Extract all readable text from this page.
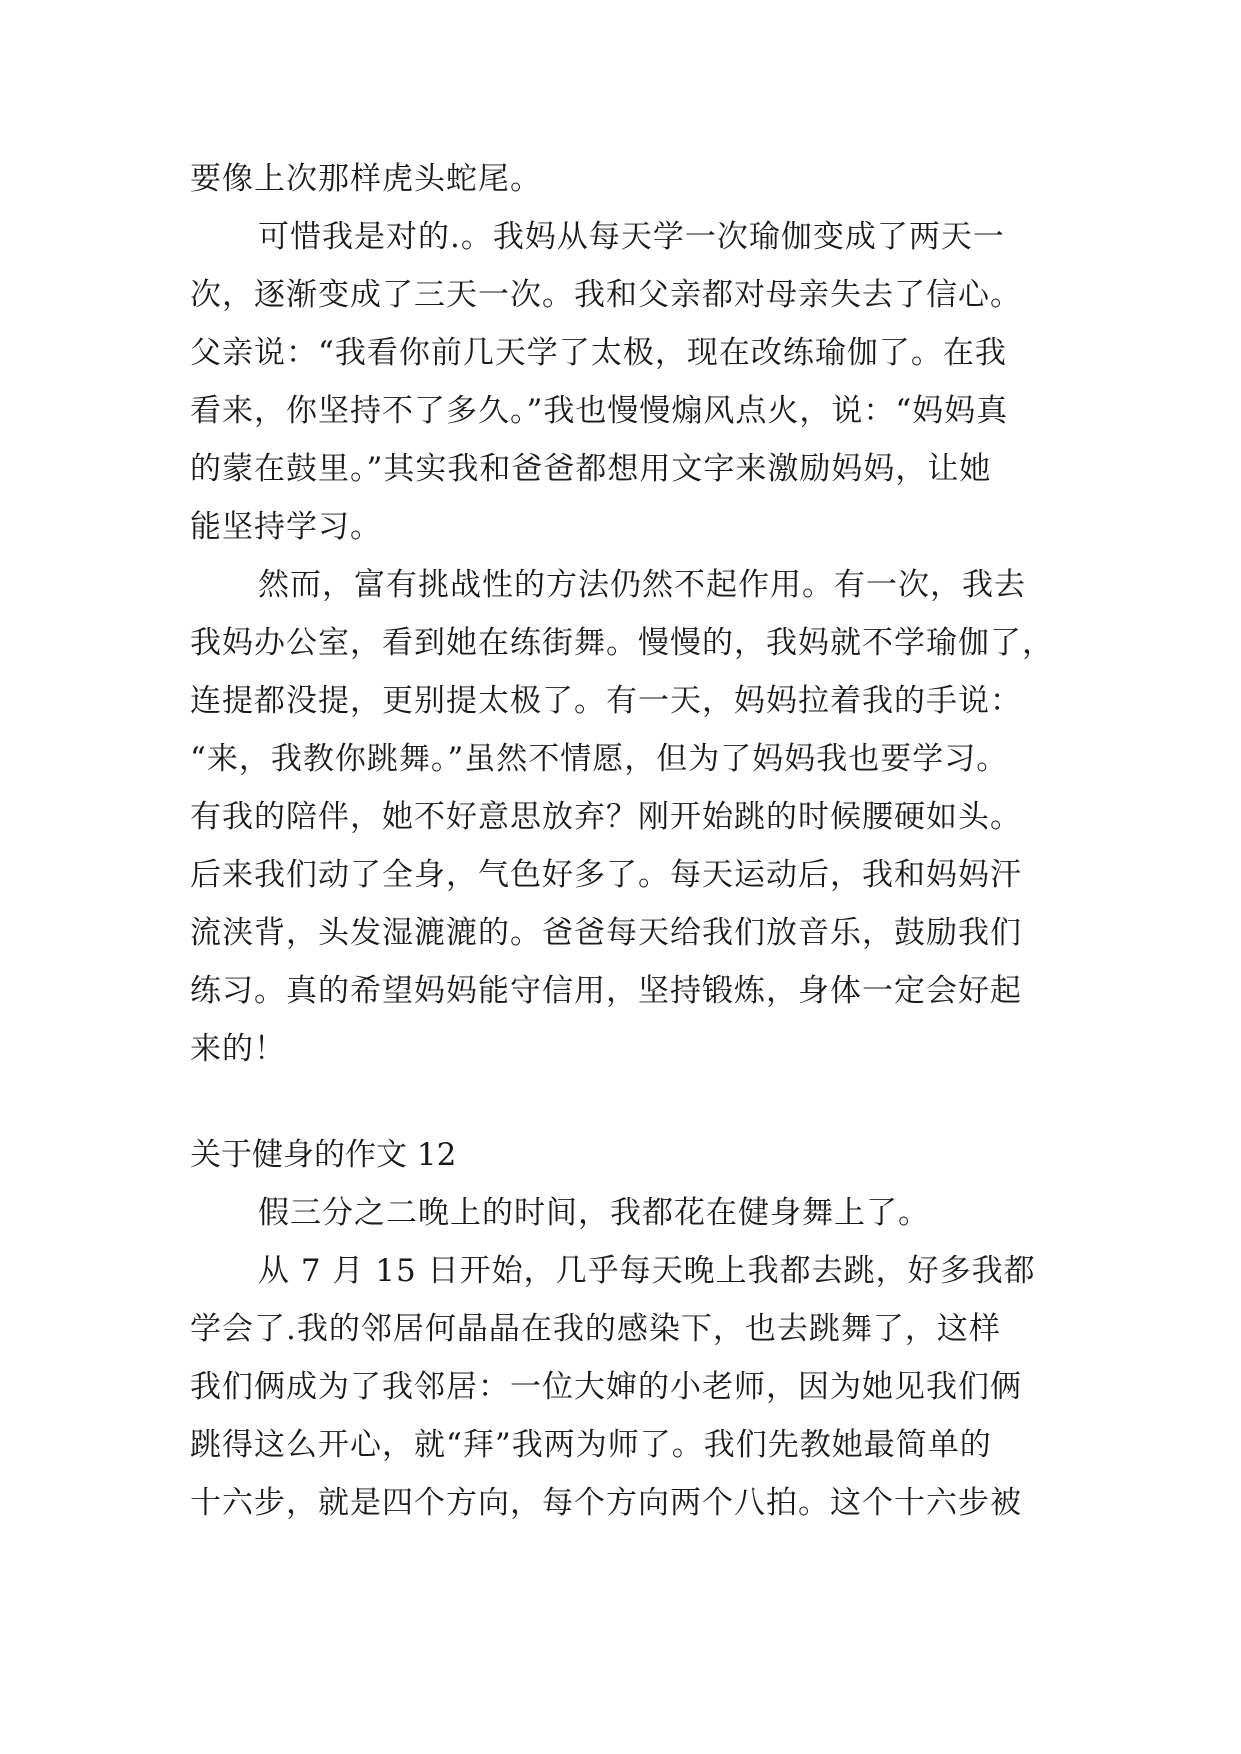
要像上次那样虎头蛇尾。
可惜我是对的.。我妈从每天学一次瑜伽变成了两天一
次，逐渐变成了三天一次。我和父亲都对母亲失去了信心。
父亲说：“我看你前几天学了太极，现在改练瑜伽了。在我
看来，你坚持不了多久。”我也慢慢煽风点火，说：“妈妈真
的蒙在鼓里。”其实我和爸爸都想用文字来激励妈妈，让她
能坚持学习。
然而，富有挑战性的方法仍然不起作用。有一次，我去
我妈办公室，看到她在练街舞。慢慢的，我妈就不学瑜伽了，
连提都没提，更别提太极了。有一天，妈妈拉着我的手说：
“来，我教你跳舞。”虽然不情愿，但为了妈妈我也要学习。
有我的陪伴，她不好意思放弃？刚开始跳的时候腰硬如头。
后来我们动了全身，气色好多了。每天运动后，我和妈妈汗
流浃背，头发湿漉漉的。爸爸每天给我们放音乐，鼓励我们
练习。真的希望妈妈能守信用，坚持锻炼，身体一定会好起
来的！
关于健身的作文 12
假三分之二晚上的时间，我都花在健身舞上了。
从 7 月 15 日开始，几乎每天晚上我都去跳，好多我都
学会了.我的邻居何晶晶在我的感染下，也去跳舞了，这样
我们俩成为了我邻居：一位大婶的小老师，因为她见我们俩
跳得这么开心，就“拜”我两为师了。我们先教她最简单的
十六步，就是四个方向，每个方向两个八拍。这个十六步被
